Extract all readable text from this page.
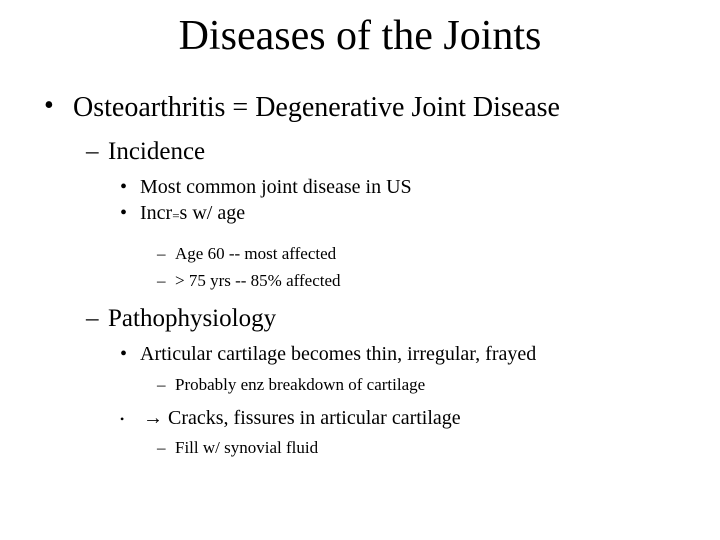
Diseases of the Joints
• Osteoarthritis = Degenerative Joint Disease
– Incidence
• Most common joint disease in US
• Incr=s w/ age
– Age 60 -- most affected
– > 75 yrs -- 85% affected
– Pathophysiology
• Articular cartilage becomes thin, irregular, frayed
– Probably enz breakdown of cartilage
• → Cracks, fissures in articular cartilage
– Fill w/ synovial fluid
